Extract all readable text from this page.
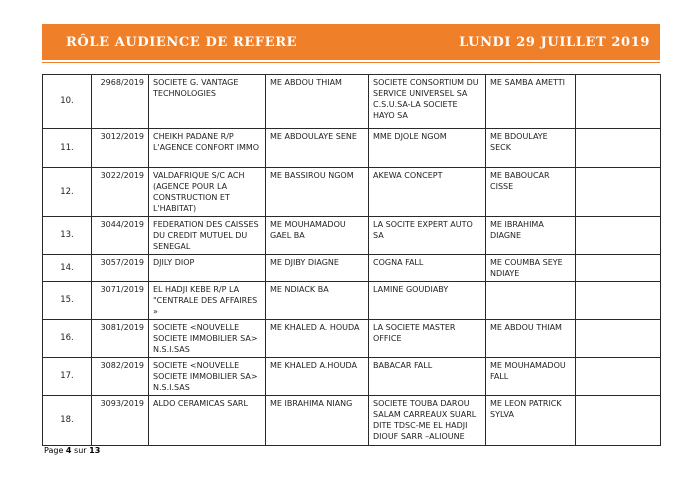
RÔLE AUDIENCE DE REFERE	LUNDI 29 JUILLET 2019
10.	2968/2019	SOCIETE G. VANTAGE TECHNOLOGIES	ME ABDOU THIAM	SOCIETE CONSORTIUM DU SERVICE UNIVERSEL SA C.S.U.SA-LA SOCIETE HAYO SA	ME SAMBA AMETTI	
11.	3012/2019	CHEIKH PADANE R/P L'AGENCE CONFORT IMMO	ME ABDOULAYE SENE	MME DJOLE NGOM	ME BDOULAYE SECK	
12.	3022/2019	VALDAFRIQUE S/C ACH (AGENCE POUR LA CONSTRUCTION ET L'HABITAT)	ME BASSIROU NGOM	AKEWA CONCEPT	ME BABOUCAR CISSE	
13.	3044/2019	FEDERATION DES CAISSES DU CREDIT MUTUEL DU SENEGAL	ME MOUHAMADOU GAEL BA	LA SOCITE EXPERT AUTO SA	ME IBRAHIMA DIAGNE	
14.	3057/2019	DJILY DIOP	ME DJIBY DIAGNE	COGNA FALL	ME COUMBA SEYE NDIAYE	
15.	3071/2019	EL HADJI KEBE R/P LA "CENTRALE DES AFFAIRES »	ME NDIACK BA	LAMINE GOUDIABY		
16.	3081/2019	SOCIETE <NOUVELLE SOCIETE IMMOBILIER SA> N.S.I.SAS	ME KHALED A. HOUDA	LA SOCIETE MASTER OFFICE	ME ABDOU THIAM	
17.	3082/2019	SOCIETE <NOUVELLE SOCIETE IMMOBILIER SA> N.S.I.SAS	ME KHALED A.HOUDA	BABACAR FALL	ME MOUHAMADOU FALL	
18.	3093/2019	ALDO CERAMICAS SARL	ME IBRAHIMA NIANG	SOCIETE TOUBA DAROU SALAM CARREAUX SUARL DITE TDSC-ME EL HADJI DIOUF SARR –ALIOUNE	ME LEON PATRICK SYLVA	
Page 4 sur 13
